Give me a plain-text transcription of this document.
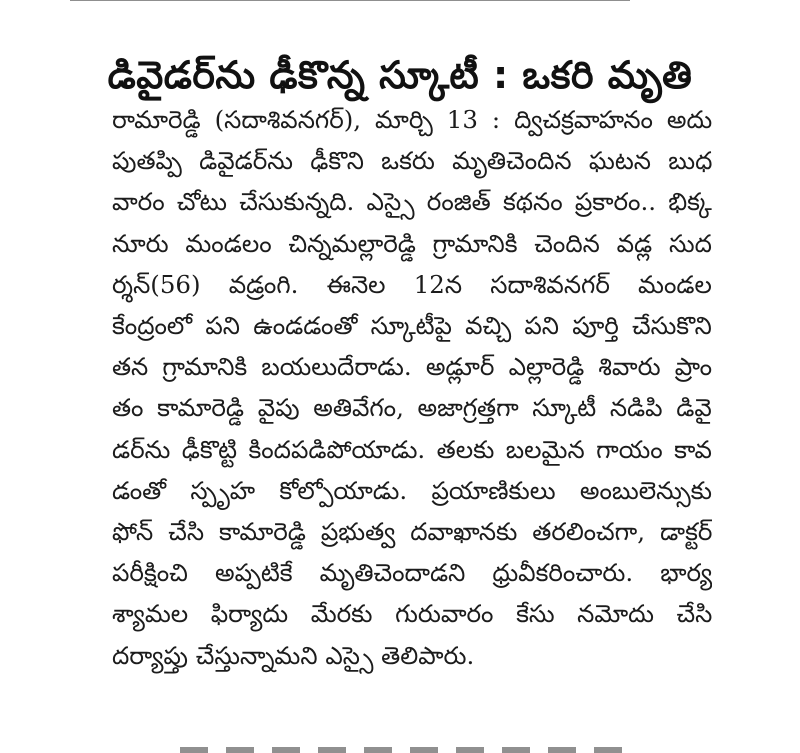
డివైడర్‌ను ఢీకొన్న స్కూటీ : ఒకరి మృతి
రామారెడ్డి (సదాశివనగర్), మార్చి 13 : ద్విచక్రవాహనం అదు
పుతప్పి డివైడర్‌ను ఢీకొని ఒకరు మృతిచెందిన ఘటన బుధ
వారం చోటు చేసుకున్నది. ఎస్సై రంజిత్ కథనం ప్రకారం.. భిక్క
నూరు మండలం చిన్నమల్లారెడ్డి గ్రామానికి చెందిన వడ్ల సుద
ర్శన్(56) వడ్రంగి. ఈనెల 12న సదాశివనగర్ మండల
కేంద్రంలో పని ఉండడంతో స్కూటీపై వచ్చి పని పూర్తి చేసుకొని
తన గ్రామానికి బయలుదేరాడు. అడ్లూర్ ఎల్లారెడ్డి శివారు ప్రాం
తం కామారెడ్డి వైపు అతివేగం, అజాగ్రత్తగా స్కూటీ నడిపి డివై
డర్‌ను ఢీకొట్టి కిందపడిపోయాడు. తలకు బలమైన గాయం కావ
డంతో స్పృహ కోల్పోయాడు. ప్రయాణికులు అంబులెన్సుకు
ఫోన్ చేసి కామారెడ్డి ప్రభుత్వ దవాఖానకు తరలించగా, డాక్టర్
పరీక్షించి అప్పటికే మృతిచెందాడని ధ్రువీకరించారు. భార్య
శ్యామల ఫిర్యాదు మేరకు గురువారం కేసు నమోదు చేసి
దర్యాప్తు చేస్తున్నామని ఎస్సై తెలిపారు.
